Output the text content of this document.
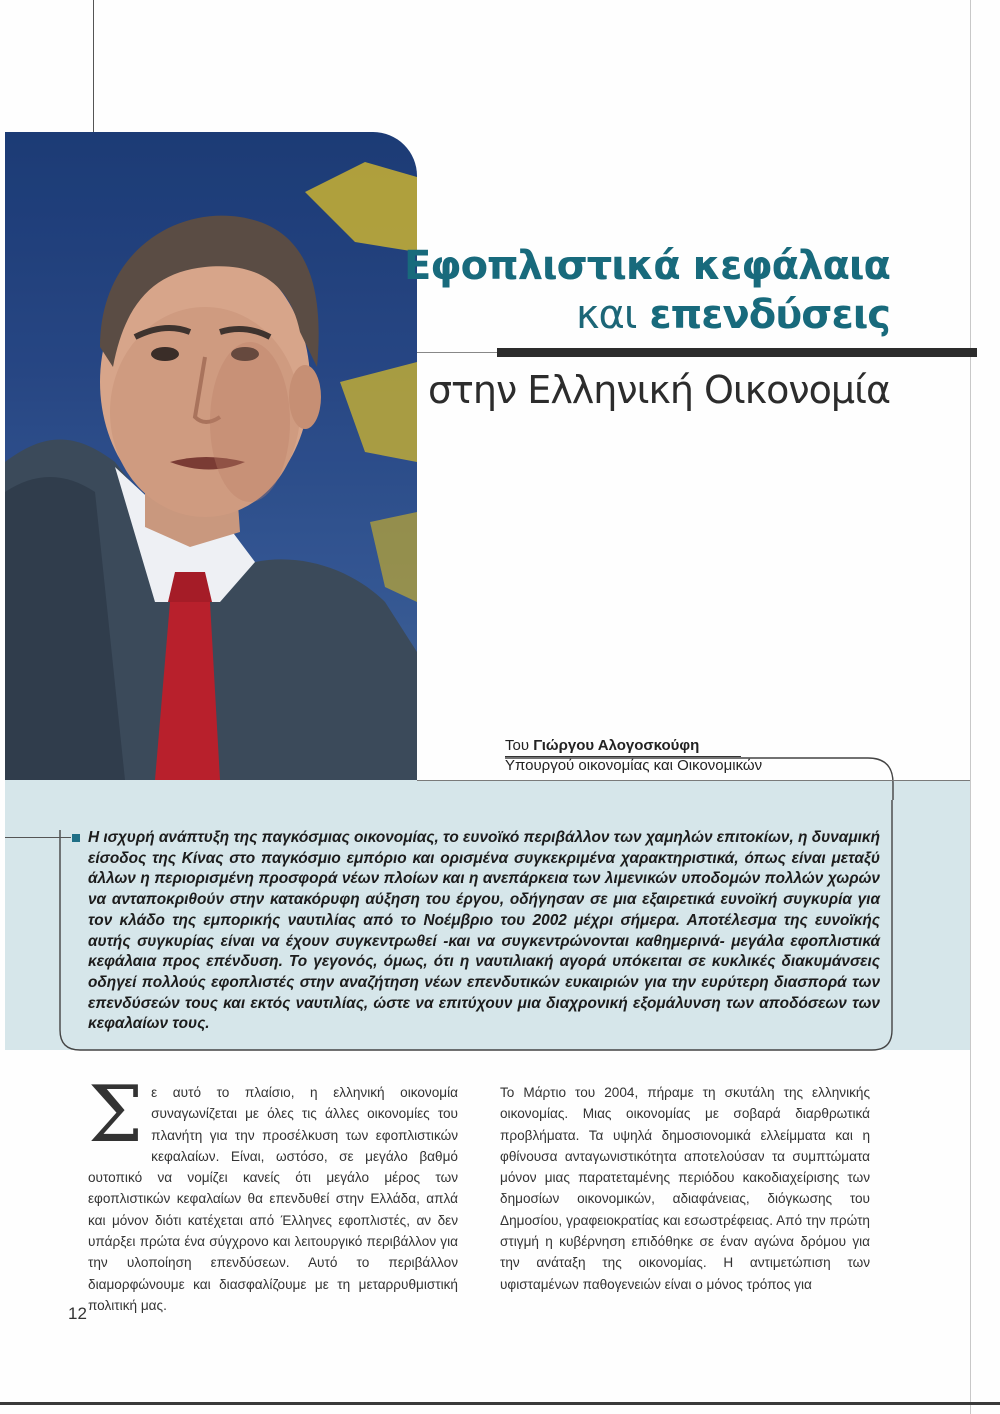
Εφοπλιστικά κεφάλαια
και επενδύσεις
στην Ελληνική Οικονομία
Του Γιώργου Αλογοσκούφη
Υπουργού οικονομίας και Οικονομικών

Η ισχυρή ανάπτυξη της παγκόσμιας οικονομίας, το ευνοϊκό περιβάλλον των χαμηλών επιτοκίων, η δυναμική είσοδος της Κίνας στο παγκόσμιο εμπόριο και ορισμένα συγκεκριμένα χαρακτηριστικά, όπως είναι μεταξύ άλλων η περιορισμένη προσφορά νέων πλοίων και η ανεπάρκεια των λιμενικών υποδομών πολλών χωρών να ανταποκριθούν στην κατακόρυφη αύξηση του έργου, οδήγησαν σε μια εξαιρετικά ευνοϊκή συγκυρία για τον κλάδο της εμπορικής ναυτιλίας από το Νοέμβριο του 2002 μέχρι σήμερα. Αποτέλεσμα της ευνοϊκής αυτής συγκυρίας είναι να έχουν συγκεντρωθεί -και να συγκεντρώνονται καθημερινά- μεγάλα εφοπλιστικά κεφάλαια προς επένδυση. Το γεγονός, όμως, ότι η ναυτιλιακή αγορά υπόκειται σε κυκλικές διακυμάνσεις οδηγεί πολλούς εφοπλιστές στην αναζήτηση νέων επενδυτικών ευκαιριών για την ευρύτερη διασπορά των επενδύσεών τους και εκτός ναυτιλίας, ώστε να επιτύχουν μια διαχρονική εξομάλυνση των αποδόσεων των κεφαλαίων τους.

Σε αυτό το πλαίσιο, η ελληνική οικονομία συναγωνίζεται με όλες τις άλλες οικονομίες του πλανήτη για την προσέλκυση των εφοπλιστικών κεφαλαίων. Είναι, ωστόσο, σε μεγάλο βαθμό ουτοπικό να νομίζει κανείς ότι μεγάλο μέρος των εφοπλιστικών κεφαλαίων θα επενδυθεί στην Ελλάδα, απλά και μόνον διότι κατέχεται από Έλληνες εφοπλιστές, αν δεν υπάρξει πρώτα ένα σύγχρονο και λειτουργικό περιβάλλον για την υλοποίηση επενδύσεων. Αυτό το περιβάλλον διαμορφώνουμε και διασφαλίζουμε με τη μεταρρυθμιστική πολιτική μας.

Το Μάρτιο του 2004, πήραμε τη σκυτάλη της ελληνικής οικονομίας. Μιας οικονομίας με σοβαρά διαρθρωτικά προβλήματα. Τα υψηλά δημοσιονομικά ελλείμματα και η φθίνουσα ανταγωνιστικότητα αποτελούσαν τα συμπτώματα μόνον μιας παρατεταμένης περιόδου κακοδιαχείρισης των δημοσίων οικονομικών, αδιαφάνειας, διόγκωσης του Δημοσίου, γραφειοκρατίας και εσωστρέφειας. Από την πρώτη στιγμή η κυβέρνηση επιδόθηκε σε έναν αγώνα δρόμου για την ανάταξη της οικονομίας. Η αντιμετώπιση των υφισταμένων παθογενειών είναι ο μόνος τρόπος για

12
